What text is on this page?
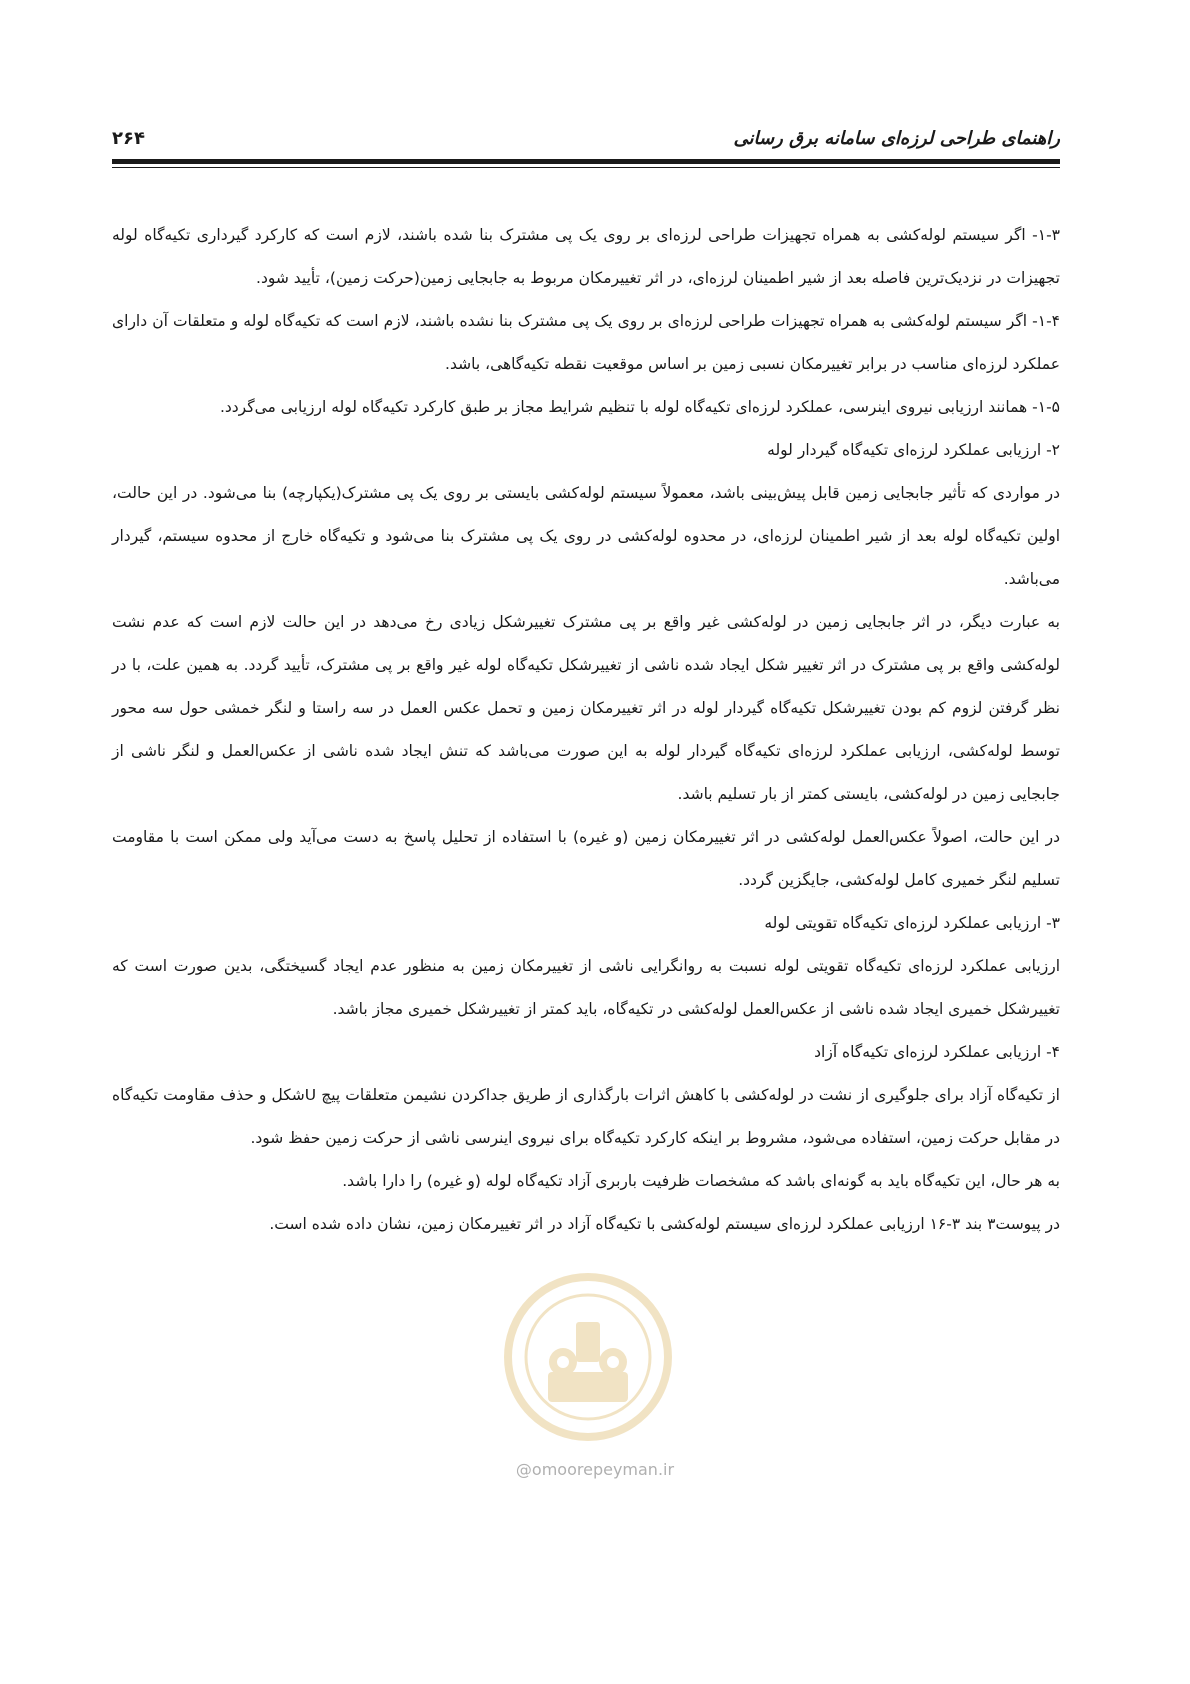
راهنمای طراحی لرزه‌ای سامانه برق رسانی
۲۶۴

۱-۳- اگر سیستم لوله‌کشی به همراه تجهیزات طراحی لرزه‌ای بر روی یک پی مشترک بنا شده باشند، لازم است که کارکرد گیرداری تکیه‌گاه لوله تجهیزات در نزدیک‌ترین فاصله بعد از شیر اطمینان لرزه‌ای، در اثر تغییرمکان مربوط به جابجایی زمین(حرکت زمین)، تأیید شود.

۱-۴- اگر سیستم لوله‌کشی به همراه تجهیزات طراحی لرزه‌ای بر روی یک پی مشترک بنا نشده باشند، لازم است که تکیه‌گاه لوله و متعلقات آن دارای عملکرد لرزه‌ای مناسب در برابر تغییرمکان نسبی زمین بر اساس موقعیت نقطه تکیه‌گاهی، باشد.

۱-۵- همانند ارزیابی نیروی اینرسی، عملکرد لرزه‌ای تکیه‌گاه لوله با تنظیم شرایط مجاز بر طبق کارکرد تکیه‌گاه لوله ارزیابی می‌گردد.

۲- ارزیابی عملکرد لرزه‌ای تکیه‌گاه گیردار لوله

در مواردی که تأثیر جابجایی زمین قابل پیش‌بینی باشد، معمولاً سیستم لوله‌کشی بایستی بر روی یک پی مشترک(یکپارچه) بنا می‌شود. در این حالت، اولین تکیه‌گاه لوله بعد از شیر اطمینان لرزه‌ای، در محدوه لوله‌کشی در روی یک پی مشترک بنا می‌شود و تکیه‌گاه خارج از محدوه سیستم، گیردار می‌باشد.

به عبارت دیگر، در اثر جابجایی زمین در لوله‌کشی غیر واقع بر پی مشترک تغییرشکل زیادی رخ می‌دهد در این حالت لازم است که عدم نشت لوله‌کشی واقع بر پی مشترک در اثر تغییر شکل ایجاد شده ناشی از تغییرشکل تکیه‌گاه لوله غیر واقع بر پی مشترک، تأیید گردد. به همین علت، با در نظر گرفتن لزوم کم بودن تغییرشکل تکیه‌گاه گیردار لوله در اثر تغییرمکان زمین و تحمل عکس العمل در سه راستا و لنگر خمشی حول سه محور توسط لوله‌کشی، ارزیابی عملکرد لرزه‌ای تکیه‌گاه گیردار لوله به این صورت می‌باشد که تنش ایجاد شده ناشی از عکس‌العمل و لنگر ناشی از جابجایی زمین در لوله‌کشی، بایستی کمتر از بار تسلیم باشد.

در این حالت، اصولاً عکس‌العمل لوله‌کشی در اثر تغییرمکان زمین (و غیره) با استفاده از تحلیل پاسخ به دست می‌آید ولی ممکن است با مقاومت تسلیم لنگر خمیری کامل لوله‌کشی، جایگزین گردد.

۳- ارزیابی عملکرد لرزه‌ای تکیه‌گاه تقویتی لوله

ارزیابی عملکرد لرزه‌ای تکیه‌گاه تقویتی لوله نسبت به روانگرایی ناشی از تغییرمکان زمین به منظور عدم ایجاد گسیختگی، بدین صورت است که تغییرشکل خمیری ایجاد شده ناشی از عکس‌العمل لوله‌کشی در تکیه‌گاه، باید کمتر از تغییرشکل خمیری مجاز باشد.

۴- ارزیابی عملکرد لرزه‌ای تکیه‌گاه آزاد

از تکیه‌گاه آزاد برای جلوگیری از نشت در لوله‌کشی با کاهش اثرات بارگذاری از طریق جداکردن نشیمن متعلقات پیچ Uشکل و حذف مقاومت تکیه‌گاه در مقابل حرکت زمین، استفاده می‌شود، مشروط بر اینکه کارکرد تکیه‌گاه برای نیروی اینرسی ناشی از حرکت زمین حفظ شود.

به هر حال، این تکیه‌گاه باید به گونه‌ای باشد که مشخصات ظرفیت باربری آزاد تکیه‌گاه لوله (و غیره) را دارا باشد.

در پیوست۳ بند ۳-۱۶ ارزیابی عملکرد لرزه‌ای سیستم لوله‌کشی با تکیه‌گاه آزاد در اثر تغییرمکان زمین، نشان داده شده است.

@omoorepeyman.ir
